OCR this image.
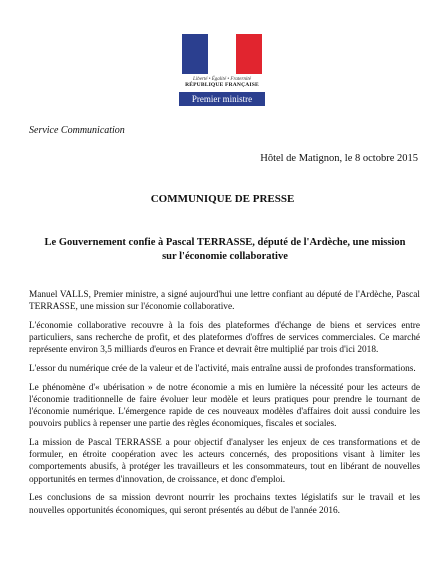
Liberté • Égalité • Fraternité
RÉPUBLIQUE FRANÇAISE
Premier ministre
Service Communication
Hôtel de Matignon, le 8 octobre 2015
COMMUNIQUE DE PRESSE
Le Gouvernement confie à Pascal TERRASSE, député de l'Ardèche, une mission sur l'économie collaborative

Manuel VALLS, Premier ministre, a signé aujourd'hui une lettre confiant au député de l'Ardèche, Pascal TERRASSE, une mission sur l'économie collaborative.

L'économie collaborative recouvre à la fois des plateformes d'échange de biens et services entre particuliers, sans recherche de profit, et des plateformes d'offres de services commerciales. Ce marché représente environ 3,5 milliards d'euros en France et devrait être multiplié par trois d'ici 2018.

L'essor du numérique crée de la valeur et de l'activité, mais entraîne aussi de profondes transformations.

Le phénomène d'« ubérisation » de notre économie a mis en lumière la nécessité pour les acteurs de l'économie traditionnelle de faire évoluer leur modèle et leurs pratiques pour prendre le tournant de l'économie numérique. L'émergence rapide de ces nouveaux modèles d'affaires doit aussi conduire les pouvoirs publics à repenser une partie des règles économiques, fiscales et sociales.

La mission de Pascal TERRASSE a pour objectif d'analyser les enjeux de ces transformations et de formuler, en étroite coopération avec les acteurs concernés, des propositions visant à limiter les comportements abusifs, à protéger les travailleurs et les consommateurs, tout en libérant de nouvelles opportunités en termes d'innovation, de croissance, et donc d'emploi.

Les conclusions de sa mission devront nourrir les prochains textes législatifs sur le travail et les nouvelles opportunités économiques, qui seront présentés au début de l'année 2016.
